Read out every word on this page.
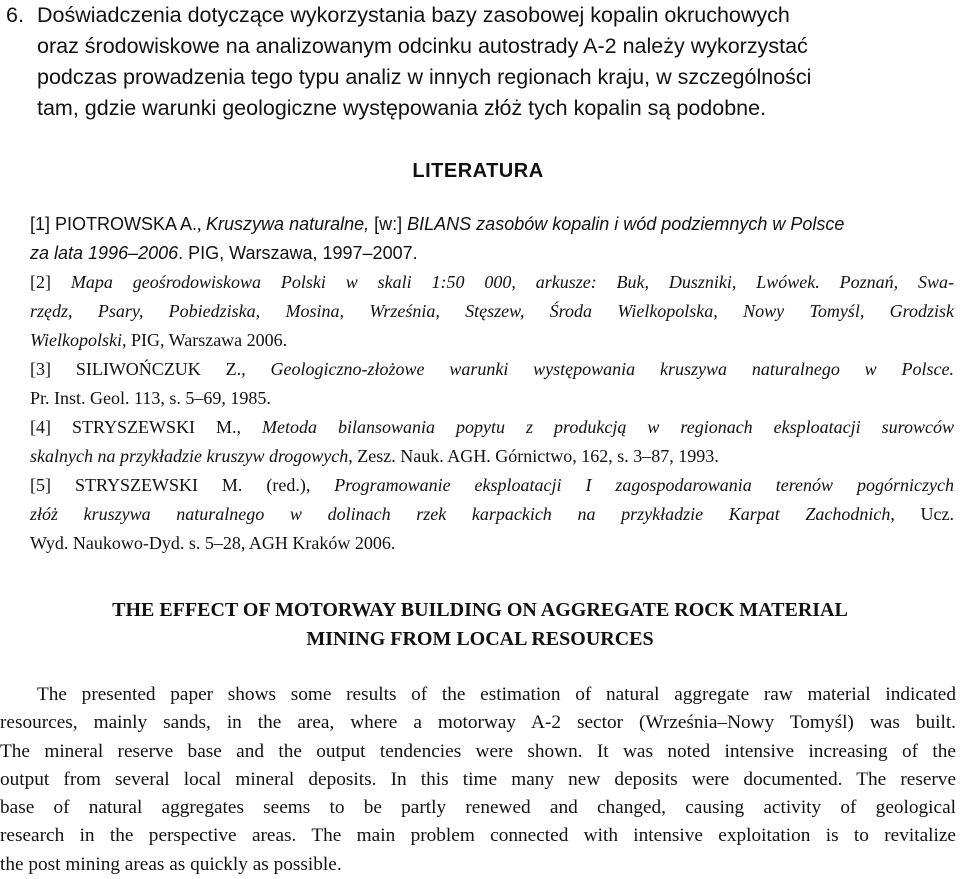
6. Doświadczenia dotyczące wykorzystania bazy zasobowej kopalin okruchowych
oraz środowiskowe na analizowanym odcinku autostrady A-2 należy wykorzystać
podczas prowadzenia tego typu analiz w innych regionach kraju, w szczególności
tam, gdzie warunki geologiczne występowania złóż tych kopalin są podobne.
LITERATURA
[1] PIOTROWSKA A., Kruszywa naturalne, [w:] BILANS zasobów kopalin i wód podziemnych w Polsce
za lata 1996–2006. PIG, Warszawa, 1997–2007.
[2] Mapa geośrodowiskowa Polski w skali 1:50 000, arkusze: Buk, Duszniki, Lwówek. Poznań, Swa-
rzędz, Psary, Pobiedziska, Mosina, Września, Stęszew, Środa Wielkopolska, Nowy Tomyśl, Grodzisk
Wielkopolski, PIG, Warszawa 2006.
[3] SILIWOŃCZUK Z., Geologiczno-złożowe warunki występowania kruszywa naturalnego w Polsce.
Pr. Inst. Geol. 113, s. 5–69, 1985.
[4] STRYSZEWSKI M., Metoda bilansowania popytu z produkcją w regionach eksploatacji surowców
skalnych na przykładzie kruszyw drogowych, Zesz. Nauk. AGH. Górnictwo, 162, s. 3–87, 1993.
[5] STRYSZEWSKI M. (red.), Programowanie eksploatacji I zagospodarowania terenów pogórniczych
złóż kruszywa naturalnego w dolinach rzek karpackich na przykładzie Karpat Zachodnich, Ucz.
Wyd. Naukowo-Dyd. s. 5–28, AGH Kraków 2006.
THE EFFECT OF MOTORWAY BUILDING ON AGGREGATE ROCK MATERIAL
MINING FROM LOCAL RESOURCES
The presented paper shows some results of the estimation of natural aggregate raw material indicated
resources, mainly sands, in the area, where a motorway A-2 sector (Września–Nowy Tomyśl) was built.
The mineral reserve base and the output tendencies were shown. It was noted intensive increasing of the
output from several local mineral deposits. In this time many new deposits were documented. The reserve
base of natural aggregates seems to be partly renewed and changed, causing activity of geological
research in the perspective areas. The main problem connected with intensive exploitation is to revitalize
the post mining areas as quickly as possible.
